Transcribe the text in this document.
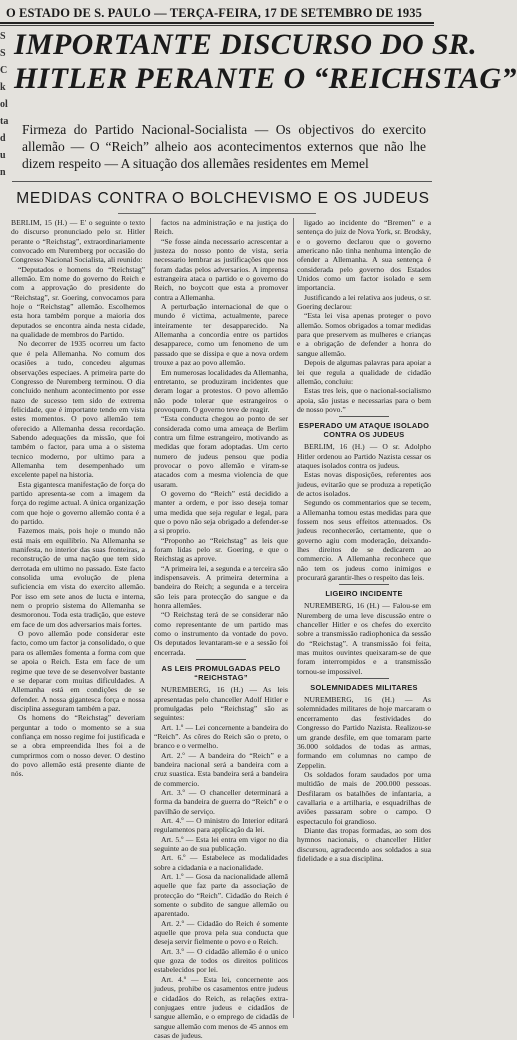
O ESTADO DE S. PAULO — TERÇA-FEIRA, 17 DE SETEMBRO DE 1935
S
S
C
k
ol
ta
d
u
n
IMPORTANTE DISCURSO DO SR.
HITLER PERANTE O “REICHSTAG”
Firmeza do Partido Nacional-Socialista — Os objectivos do exercito allemão — O “Reich” alheio aos acontecimentos externos que não lhe dizem respeito — A situação dos allemães residentes em Memel
MEDIDAS CONTRA O BOLCHEVISMO E OS JUDEUS

BERLIM, 15 (H.) — E' o seguinte o texto do discurso pronunciado pelo sr. Hitler perante o “Reichstag”, extraordinariamente convocado em Nuremberg por occasião do Congresso Nacional Socialista, ali reunido:

“Deputados e homens do “Reichstag” allemão. Em nome do governo do Reich e com a approvação do presidente do “Reichstag”, sr. Goering, convocamos para hoje o “Reichstag” allemão. Escolhemos esta hora também porque a maioria dos deputados se encontra ainda nesta cidade, na qualidade de membros do Partido.

No decorrer de 1935 ocorreu um facto que é pela Allemanha. No comum dos ocasiões a tudo, concedeu algumas observações especiaes. A primeira parte do Congresso de Nuremberg terminou. O dia concluido nenhum acontecimento por esse nazo de sucesso tem sido de extrema felicidade, que é importante tendo em vista estes momentos. O povo allemão tem oferecido a Allemanha dessa recordação. Sabendo adequações da missão, que foi também o factor, para uma a o sistema tecnico moderno, por ultimo para a Allemanha tem desempenhado um excelente papel na historia.

Esta gigantesca manifestação de força do partido apresenta-se com a imagem da força do regime actual. A única organização com que hoje o governo allemão conta é a do partido.

Fazemos mais, pois hoje o mundo não está mais em equilibrio. Na Allemanha se manifesta, no interior das suas fronteiras, a reconstrução de uma nação que tem sido derrotada em ultimo no passado. Este facto consolida uma evolução de plena suficiencia em vista do exercito allemão. Por isso em sete anos de lucta e interna, nem o proprio sistema do Allemanha se desmoronou. Toda esta tradição, que esteve em face de um dos adversarios mais fortes.

O povo allemão pode considerar este facto, como um factor ja consolidado, o que para os allemães fomenta a forma com que se apoia o Reich. Esta em face de um regime que teve de se desenvolver bastante e se deparar com muitas dificuldades. A Allemanha está em condições de se defender. A nossa gigantesca força e nossa disciplina asseguram também a paz.

Os homens do “Reichstag” deveriam perguntar a todo o momento se a sua confiança em nosso regime foi justificada e se a obra empreendida lhes foi a de cumprirmos com o nosso dever. O destino do povo allemão está presente diante de nós.

factos na administração e na justiça do Reich.

“Se fosse ainda necessario acrescentar a justeza do nosso ponto de vista, seria necessario lembrar as justificações que nos foram dadas pelos adversarios. A imprensa estrangeira ataca o partido e o governo do Reich, no boycott que esta a promover contra a Allemanha.

A perturbação internacional de que o mundo é victima, actualmente, parece inteiramente ter desapparecido. Na Allemanha a concordia entre os partidos desapparece, como um fenomeno de um passado que se dissipa e que a nova ordem trouxe a paz ao povo allemão.

Em numerosas localidades da Allemanha, entretanto, se produziram incidentes que deram logar a protestos. O povo allemão não pode tolerar que estrangeiros o provoquem. O governo teve de reagir.

“Esta conducta chegou ao ponto de ser considerada como uma ameaça de Berlim contra um filme estrangeiro, motivando as medidas que foram adoptadas. Um certo numero de judeus pensou que podia provocar o povo allemão e viram-se atacados com a mesma violencia de que usaram.

O governo do “Reich” está decidido a manter a ordem, e por isso deseja tomar uma medida que seja regular e legal, para que o povo não seja obrigado a defender-se a si proprio.

“Proponho ao “Reichstag” as leis que foram lidas pelo sr. Goering, e que o Reichstag as aprove.

“A primeira lei, a segunda e a terceira são indispensaveis. A primeira determina a bandeira do Reich; a segunda e a terceira são leis para protecção do sangue e da honra allemães.

“O Reichstag terá de se considerar não como representante de um partido mas como o instrumento da vontade do povo. Os deputados levantaram-se e a sessão foi encerrada.

AS LEIS PROMULGADAS PELO “REICHSTAG”

NUREMBERG, 16 (H.) — As leis apresentadas pelo chanceller Adolf Hitler e promulgadas pelo “Reichstag” são as seguintes:

Art. 1.º — Lei concernente a bandeira do “Reich”. As côres do Reich são o preto, o branco e o vermelho.

Art. 2.º — A bandeira do “Reich” e a bandeira nacional será a bandeira com a cruz suastica. Esta bandeira será a bandeira de commercio.

Art. 3.º — O chanceller determinará a forma da bandeira de guerra do “Reich” e o pavilhão de serviço.

Art. 4.º — O ministro do Interior editará regulamentos para applicação da lei.

Art. 5.º — Esta lei entra em vigor no dia seguinte ao de sua publicação.

Art. 6.º — Estabelece as modalidades sobre a cidadania e a nacionalidade.

Art. 1.º — Gosa da nacionalidade allemã aquelle que faz parte da associação de protecção do “Reich”. Cidadão do Reich é somente o subdito de sangue allemão ou aparentado.

Art. 2.º — Cidadão do Reich é somente aquelle que prova pela sua conducta que deseja servir fielmente o povo e o Reich.

Art. 3.º — O cidadão allemão é o unico que goza de todos os direitos politicos estabelecidos por lei.

Art. 4.º — Esta lei, concernente aos judeus, prohibe os casamentos entre judeus e cidadãos do Reich, as relações extra-conjugaes entre judeus e cidadãos de sangue allemão, e o emprego de cidadãs de sangue allemão com menos de 45 annos em casas de judeus.

ligado ao incidente do “Bremen” e a sentença do juiz de Nova York, sr. Brodsky, e o governo declarou que o governo americano não tinha nenhuma intenção de ofender a Allemanha. A sua sentença é considerada pelo governo dos Estados Unidos como um factor isolado e sem importancia.

Justificando a lei relativa aos judeus, o sr. Goering declarou:

“Esta lei visa apenas proteger o povo allemão. Somos obrigados a tomar medidas para que preservem as mulheres e crianças e a obrigação de defender a honra do sangue allemão.

Depois de algumas palavras para apoiar a lei que regula a qualidade de cidadão allemão, concluiu:

Estas tres leis, que o nacional-socialismo apoia, são justas e necessarias para o bem de nosso povo.”

ESPERADO UM ATAQUE ISOLADO CONTRA OS JUDEUS

BERLIM, 16 (H.) — O sr. Adolpho Hitler ordenou ao Partido Nazista cessar os ataques isolados contra os judeus.

Estas novas disposições, referentes aos judeus, evitarão que se produza a repetição de actos isolados.

Segundo os commentarios que se tecem, a Allemanha tomou estas medidas para que fossem nos seus effeitos attenuados. Os judeus reconhecerão, certamente, que o governo agiu com moderação, deixando-lhes direitos de se dedicarem ao commercio. A Allemanha reconhece que não tem os judeus como inimigos e procurará garantir-lhes o respeito das leis.

LIGEIRO INCIDENTE

NUREMBERG, 16 (H.) — Falou-se em Nuremberg de uma leve discussão entre o chanceller Hitler e os chefes do exercito sobre a transmissão radiophonica da sessão do “Reichstag”. A transmissão foi feita, mas muitos ouvintes queixaram-se de que foram interrompidos e a transmissão tornou-se impossivel.

SOLEMNIDADES MILITARES

NUREMBERG, 16 (H.) — As solemnidades militares de hoje marcaram o encerramento das festividades do Congresso do Partido Nazista. Realizou-se um grande desfile, em que tomaram parte 36.000 soldados de todas as armas, formando em columnas no campo de Zeppelin.

Os soldados foram saudados por uma multidão de mais de 200.000 pessoas. Desfilaram os batalhões de infantaria, a cavallaria e a artilharia, e esquadrilhas de aviões passaram sobre o campo. O espectaculo foi grandioso.

Diante das tropas formadas, ao som dos hymnos nacionais, o chanceller Hitler discursou, agradecendo aos soldados a sua fidelidade e a sua disciplina.
